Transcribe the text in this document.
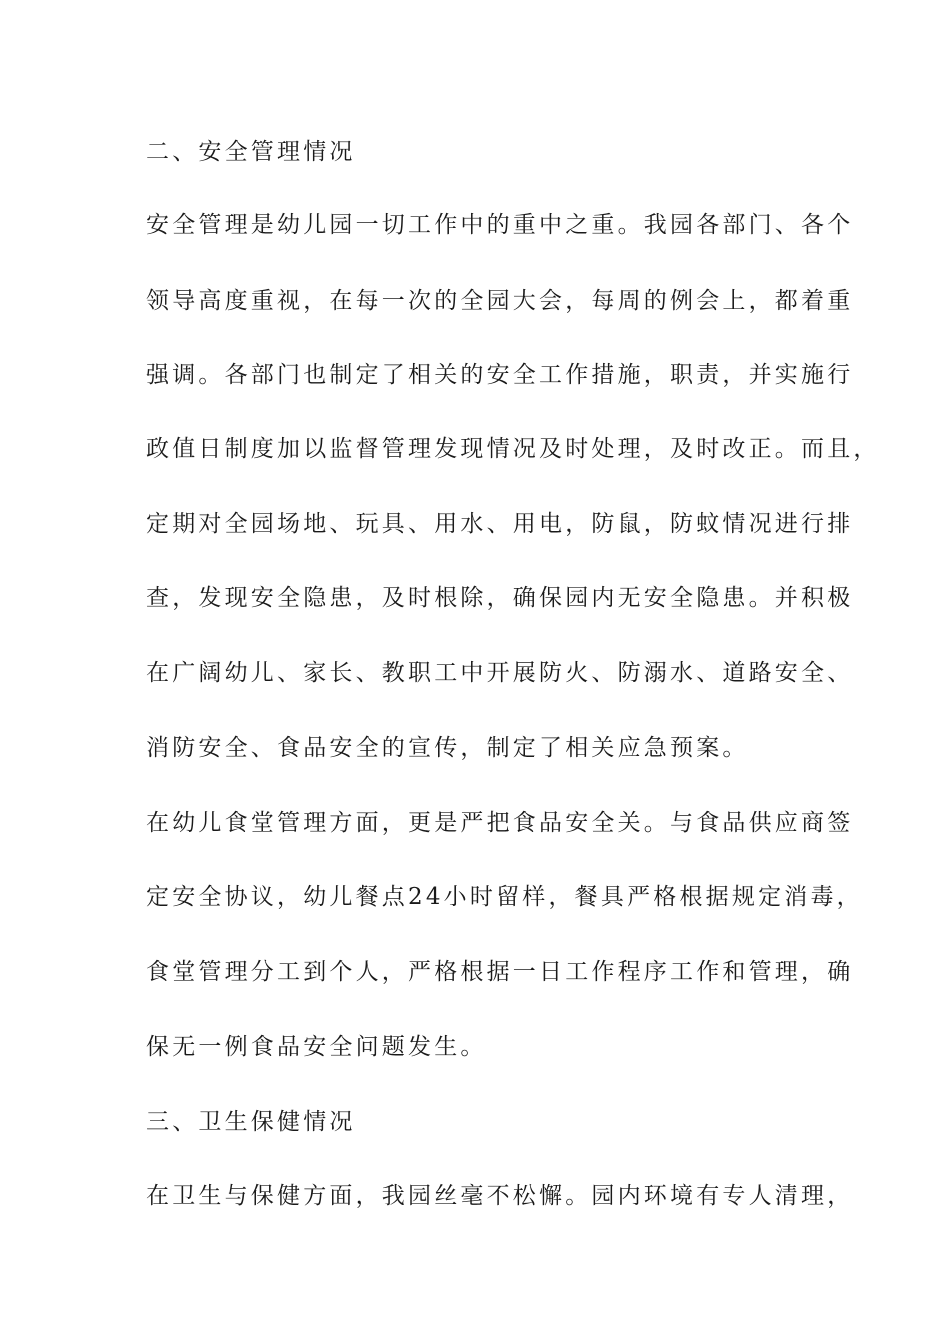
二、安全管理情况
安全管理是幼儿园一切工作中的重中之重。我园各部门、各个
领导高度重视，在每一次的全园大会，每周的例会上，都着重
强调。各部门也制定了相关的安全工作措施，职责，并实施行
政值日制度加以监督管理发现情况及时处理，及时改正。而且，
定期对全园场地、玩具、用水、用电，防鼠，防蚊情况进行排
查，发现安全隐患，及时根除，确保园内无安全隐患。并积极
在广阔幼儿、家长、教职工中开展防火、防溺水、道路安全、
消防安全、食品安全的宣传，制定了相关应急预案。
在幼儿食堂管理方面，更是严把食品安全关。与食品供应商签
定安全协议，幼儿餐点24小时留样，餐具严格根据规定消毒，
食堂管理分工到个人，严格根据一日工作程序工作和管理，确
保无一例食品安全问题发生。
三、卫生保健情况
在卫生与保健方面，我园丝毫不松懈。园内环境有专人清理，
